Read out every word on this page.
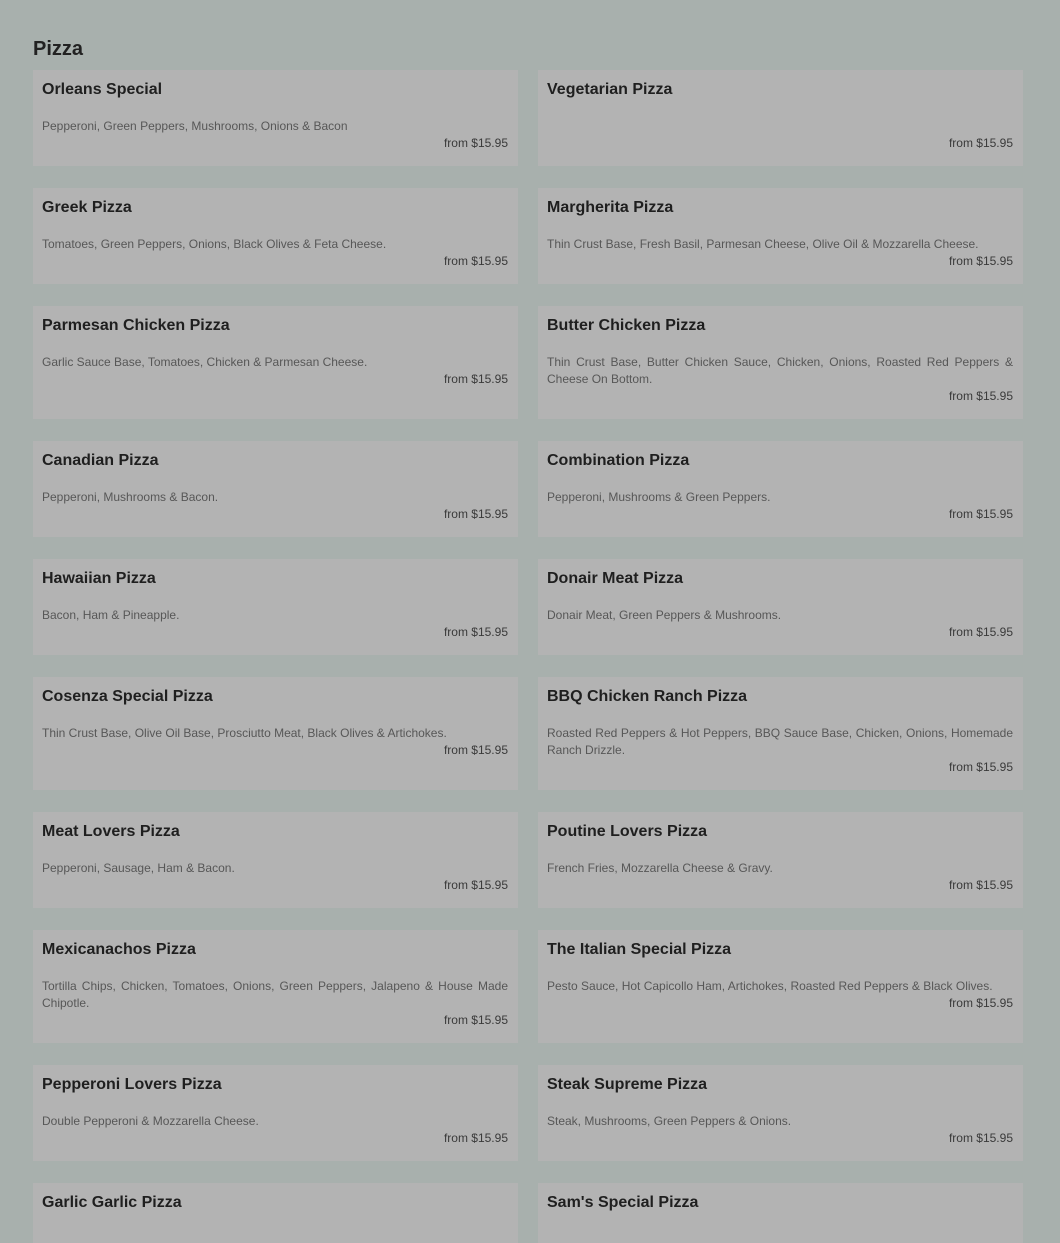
Pizza
Orleans Special
Pepperoni, Green Peppers, Mushrooms, Onions & Bacon
from $15.95
Vegetarian Pizza
from $15.95
Greek Pizza
Tomatoes, Green Peppers, Onions, Black Olives & Feta Cheese.
from $15.95
Margherita Pizza
Thin Crust Base, Fresh Basil, Parmesan Cheese, Olive Oil & Mozzarella Cheese.
from $15.95
Parmesan Chicken Pizza
Garlic Sauce Base, Tomatoes, Chicken & Parmesan Cheese.
from $15.95
Butter Chicken Pizza
Thin Crust Base, Butter Chicken Sauce, Chicken, Onions, Roasted Red Peppers & Cheese On Bottom.
from $15.95
Canadian Pizza
Pepperoni, Mushrooms & Bacon.
from $15.95
Combination Pizza
Pepperoni, Mushrooms & Green Peppers.
from $15.95
Hawaiian Pizza
Bacon, Ham & Pineapple.
from $15.95
Donair Meat Pizza
Donair Meat, Green Peppers & Mushrooms.
from $15.95
Cosenza Special Pizza
Thin Crust Base, Olive Oil Base, Prosciutto Meat, Black Olives & Artichokes.
from $15.95
BBQ Chicken Ranch Pizza
Roasted Red Peppers & Hot Peppers, BBQ Sauce Base, Chicken, Onions, Homemade Ranch Drizzle.
from $15.95
Meat Lovers Pizza
Pepperoni, Sausage, Ham & Bacon.
from $15.95
Poutine Lovers Pizza
French Fries, Mozzarella Cheese & Gravy.
from $15.95
Mexicanachos Pizza
Tortilla Chips, Chicken, Tomatoes, Onions, Green Peppers, Jalapeno & House Made Chipotle.
from $15.95
The Italian Special Pizza
Pesto Sauce, Hot Capicollo Ham, Artichokes, Roasted Red Peppers & Black Olives.
from $15.95
Pepperoni Lovers Pizza
Double Pepperoni & Mozzarella Cheese.
from $15.95
Steak Supreme Pizza
Steak, Mushrooms, Green Peppers & Onions.
from $15.95
Garlic Garlic Pizza	Sam's Special Pizza
